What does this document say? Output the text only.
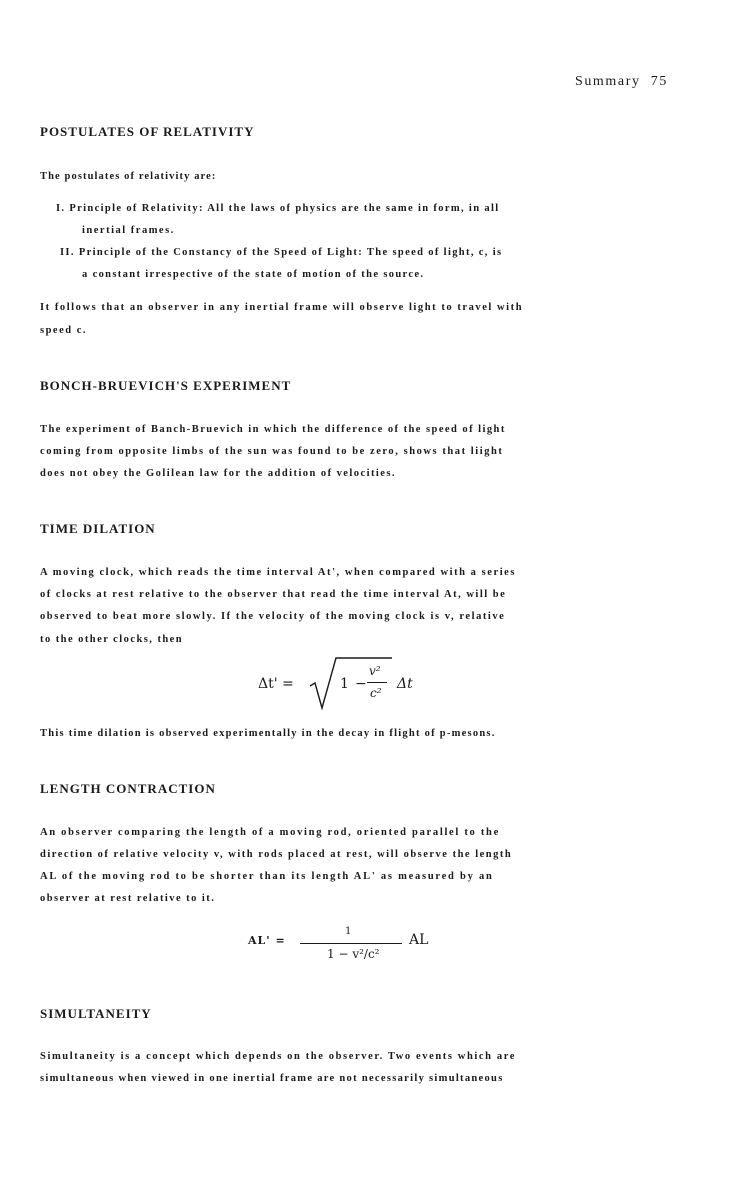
Summary 75
POSTULATES OF RELATIVITY
The postulates of relativity are:
I. Principle of Relativity: All the laws of physics are the same in form, in all
inertial frames.
II. Principle of the Constancy of the Speed of Light: The speed of light, c, is
a constant irrespective of the state of motion of the source.
It follows that an observer in any inertial frame will observe light to travel with
speed c.
BONCH-BRUEVICH'S EXPERIMENT
The experiment of Banch-Bruevich in which the difference of the speed of light
coming from opposite limbs of the sun was found to be zero, shows that liight
does not obey the Golilean law for the addition of velocities.
TIME DILATION
A moving clock, which reads the time interval At', when compared with a series
of clocks at rest relative to the observer that read the time interval At, will be
observed to beat more slowly. If the velocity of the moving clock is v, relative
to the other clocks, then
Δt' =	1 −
v²
c²
Δt
This time dilation is observed experimentally in the decay in flight of p-mesons.
LENGTH CONTRACTION
An observer comparing the length of a moving rod, oriented parallel to the
direction of relative velocity v, with rods placed at rest, will observe the length
AL of the moving rod to be shorter than its length AL' as measured by an
observer at rest relative to it.
AL' =
1
1 − v²/c²
AL
SIMULTANEITY
Simultaneity is a concept which depends on the observer. Two events which are
simultaneous when viewed in one inertial frame are not necessarily simultaneous
